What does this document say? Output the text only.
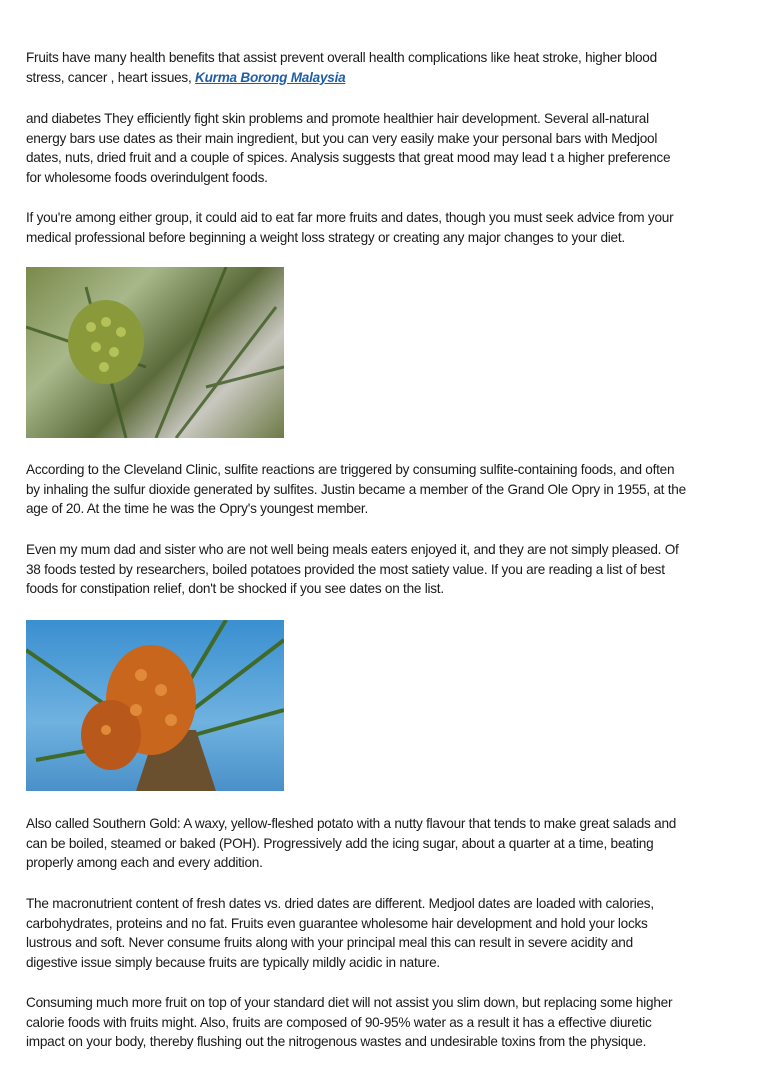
Fruits have many health benefits that assist prevent overall health complications like heat stroke, higher blood
stress, cancer , heart issues, Kurma Borong Malaysia
and diabetes They efficiently fight skin problems and promote healthier hair development. Several all-natural
energy bars use dates as their main ingredient, but you can very easily make your personal bars with Medjool
dates, nuts, dried fruit and a couple of spices. Analysis suggests that great mood may lead t a higher preference
for wholesome foods overindulgent foods.
If you're among either group, it could aid to eat far more fruits and dates, though you must seek advice from your
medical professional before beginning a weight loss strategy or creating any major changes to your diet.
According to the Cleveland Clinic, sulfite reactions are triggered by consuming sulfite-containing foods, and often
by inhaling the sulfur dioxide generated by sulfites. Justin became a member of the Grand Ole Opry in 1955, at the
age of 20. At the time he was the Opry's youngest member.
Even my mum dad and sister who are not well being meals eaters enjoyed it, and they are not simply pleased. Of
38 foods tested by researchers, boiled potatoes provided the most satiety value. If you are reading a list of best
foods for constipation relief, don't be shocked if you see dates on the list.
Also called Southern Gold: A waxy, yellow-fleshed potato with a nutty flavour that tends to make great salads and
can be boiled, steamed or baked (POH). Progressively add the icing sugar, about a quarter at a time, beating
properly among each and every addition.
The macronutrient content of fresh dates vs. dried dates are different. Medjool dates are loaded with calories,
carbohydrates, proteins and no fat. Fruits even guarantee wholesome hair development and hold your locks
lustrous and soft. Never consume fruits along with your principal meal this can result in severe acidity and
digestive issue simply because fruits are typically mildly acidic in nature.
Consuming much more fruit on top of your standard diet will not assist you slim down, but replacing some higher
calorie foods with fruits might. Also, fruits are composed of 90-95% water as a result it has a effective diuretic
impact on your body, thereby flushing out the nitrogenous wastes and undesirable toxins from the physique.
